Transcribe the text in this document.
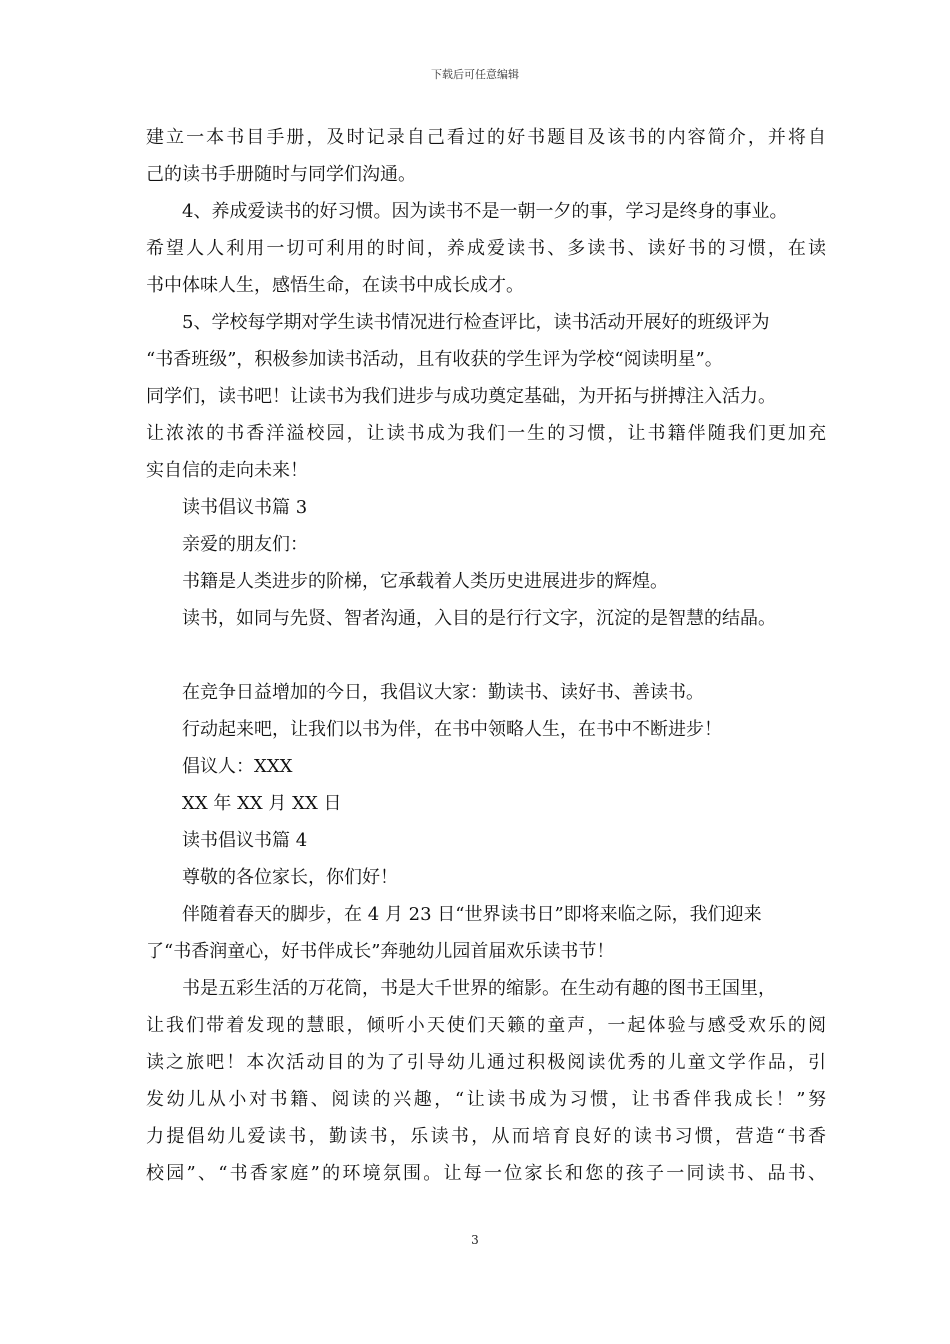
下载后可任意编辑
建立一本书目手册，及时记录自己看过的好书题目及该书的内容简介，并将自
己的读书手册随时与同学们沟通。
4、养成爱读书的好习惯。因为读书不是一朝一夕的事，学习是终身的事业。
希望人人利用一切可利用的时间，养成爱读书、多读书、读好书的习惯，在读
书中体味人生，感悟生命，在读书中成长成才。
5、学校每学期对学生读书情况进行检查评比，读书活动开展好的班级评为
“书香班级”，积极参加读书活动，且有收获的学生评为学校“阅读明星”。
同学们，读书吧！让读书为我们进步与成功奠定基础，为开拓与拼搏注入活力。
让浓浓的书香洋溢校园，让读书成为我们一生的习惯，让书籍伴随我们更加充
实自信的走向未来！
读书倡议书篇 3
亲爱的朋友们：
书籍是人类进步的阶梯，它承载着人类历史进展进步的辉煌。
读书，如同与先贤、智者沟通，入目的是行行文字，沉淀的是智慧的结晶。
在竞争日益增加的今日，我倡议大家：勤读书、读好书、善读书。
行动起来吧，让我们以书为伴，在书中领略人生，在书中不断进步！
倡议人：XXX
XX 年 XX 月 XX 日
读书倡议书篇 4
尊敬的各位家长，你们好！
伴随着春天的脚步，在 4 月 23 日“世界读书日”即将来临之际，我们迎来
了“书香润童心，好书伴成长”奔驰幼儿园首届欢乐读书节！
书是五彩生活的万花筒，书是大千世界的缩影。在生动有趣的图书王国里，
让我们带着发现的慧眼，倾听小天使们天籁的童声，一起体验与感受欢乐的阅
读之旅吧！本次活动目的为了引导幼儿通过积极阅读优秀的儿童文学作品，引
发幼儿从小对书籍、阅读的兴趣，“让读书成为习惯，让书香伴我成长！”努
力提倡幼儿爱读书，勤读书，乐读书，从而培育良好的读书习惯，营造“书香
校园”、“书香家庭”的环境氛围。让每一位家长和您的孩子一同读书、品书、
3
